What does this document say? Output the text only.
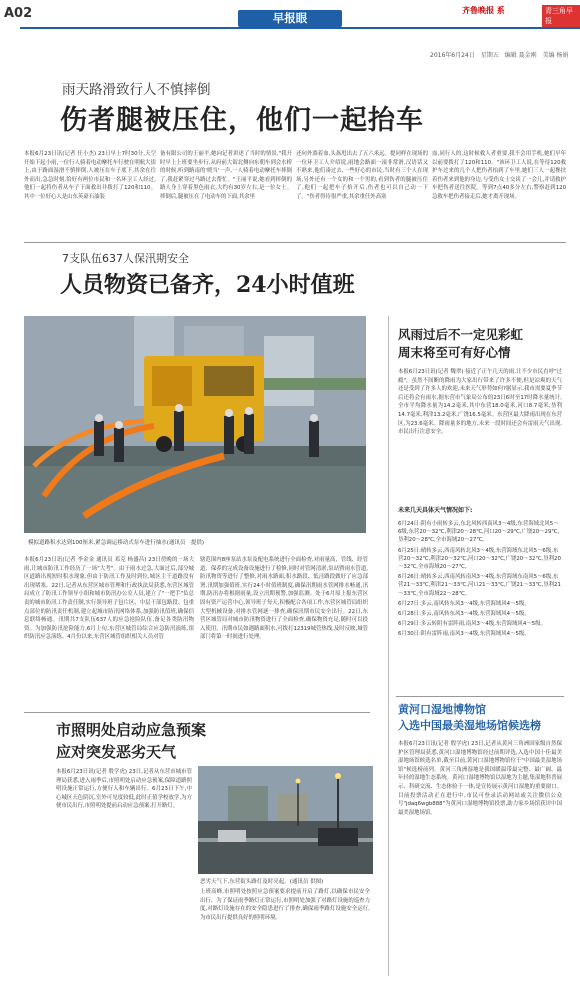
A02	早报眼
齐鲁晚报 系	青三角早报
2016年6月24日　星期五　编辑 聂金刚　美编 杨娟
雨天路滑致行人不慎摔倒
伤者腿被压住，他们一起抬车
本报6月23日讯(记者 任小杰) 23日早上7时30分,天空开始下起小雨,一位行人骑着电动摩托车行驶在明航大街上,由于路面湿滑不慎摔倒,人被压在车子底下,其余在往外而出,急急时刻,恰好有两位市民和一名环卫工人经过,他们一起将伤者从车子下面救出并拨打了120和110。其中一位好心人是山东英豪石油装
备有限公司的王丽平,她向记者讲述了当时的情景,"我开时早上上班要坐步行,从府前大街北侧向东朝车到会水桥的时候,听到路南的'咣当'一声,一人骑着电动摩托车摔倒了,我赶紧穿过马路过去帮忙。"王丽平说,她看到摔倒的路人身上穿着黑色雨衣,大约有30岁左右,是一位女士。摔倒后,腿被压在了电动车的下面,其余里
还向外淌着血,头盔甩出去了五六米远。提同样在现场的一位环卫工人介绍说,雨地会路面一滚非常滑,汉语话又不熟来,他们凑过去,一些好心的市民,当时有三个人在现场,另外还有一个女的和一个男的,看到伤者的腿被压住了,他们一起把车子抬开后,伤者也可以自己动一下了。"伤者得待很严重,其余重任外高塞
血,同行人的,这时候救人者重要,我不会用手机,她们早年以前要拨打了120和110。"该环卫工人说,在等待120救护车过来的几个人把伤者抬到了车里,她们三人一起搀扶着伤者来到他的身边,与受伤女士交谈了一会儿,并请救护车把伤者送往医院。等到7点40多分左右,警察赶到120急救车把伤者接走后,她才离开现场。
7支队伍637人保汛期安全
人员物资已备齐，24小时值班
模拟道路积水达到100厘米,紧急调运移动式泵车进行抽水(通讯员　提供)
本报6月23日讯(记者 李金金 通讯员 邓克 杨盛昌) 23日傍晚的一场大雨,让城市防汛工作经历了一场"大考"。由于雨水过急,大面过后,部分城区道路出现短时积水现象,但由于防汛工作及时到位,城区主干道路没有出现堵塞。22日,记者从东营区城市管理和行政执法局获悉,东营区城管局成立了防汛工作领导小组和城市防汛办公室人员,建立了"一把手"负总责的城市防汛工作责任制,实行领导班子包片区、中层干部包路段、包重点部位的防汛责任机制,建立起城市防汛网络体系,加强防汛值班,确保信息联络畅通。汛期共7支队伍637人的应急抢险队伍,备足各类防汛物资。为加强防汛抢险能力,6月上旬,东营区城管局综合应急防汛演练,组织防汛应急演练。4月份以来,东营区城管组织相关人员对管
辖范围内8座泵站水泵及配电系统进行全面检查,对雨量高、管线、经管道、保养的完成设备设施进行了检修,同时对管网清淤,泵站暨雨水管道,防汛物资等进行了整修,对雨水路面,积水路段、低洼路段做好了应急部署,汛期加强值班,实行24小时值班制度,确保汛期雨水管网排水畅通,汛期,防汛办将根据雨量,设立汛期预警,加强监测。处于6月原上报东营区固有资产运营中心,领导班子每天,积极配合各项工作,东营区城管局组织大型机械设备,对排水管网逐一排查,确保汛期市民安全出行。22日,东营区城管局对城市防汛物资进行了全面检查,确保物资充足,随时可以投入使用。汛期市民如遇路面积水,可拨打12319城管热线,及时反映,城管部门将第一时间进行处理。
市照明处启动应急预案
应对突发恶劣天气
本报6月23日讯(记者 殷学虎) 23日,记者从东营市城市管理局获悉,进入雨季后,市照明处启动应急预案,保障道路照明设施正常运行,方便行人和车辆出行。6月23日下午,中心城区天色阴沉,室外可见度较低,此时正值学校放学,为方便市民出行,市照明处提前启动应急预案,打开路灯。
恶劣天气下,东营街头路灯及时亮起。(通讯员 供图)
上班高峰,市照明处按照应急预案要求提前开启了路灯,以确保市民安全出行。为了保证雨季路灯正常运行,市照明处加强了对路灯设施的巡查力度,对路灯设施存在的安全隐患进行了排查,确保雨季路灯设施安全运行,为市民出行提供良好的照明环境。
风雨过后不一定见彩虹
周末将至可有好心情
本报6月23日讯(记者 魏翠) 接近了正午几天的雨,让不少市民直呼"过瘾"。虽然不间断的降雨为大家出行带来了许多不便,但是凉爽的天气还是受到了许多人的欢迎,未来天气形势如何?据显示,我市需要夏季节后还将会有雨水,据东营市气象局公布的23日6时至17时降水量统计,全市平均降水量为14.2毫米,其中东营18.0毫米,河口8.7毫米,垦利14.7毫米,利津13.2毫米,广饶16.5毫米。东营区最大降雨出现在东营区,为23.6毫米。降雨量多的地方,未来一段时间还会有雷雨天气出现,市民出行注意安全。
未来几天具体天气情况如下:
6月24日:阴有小雨转多云,东北风转西南风3～4级,东营海域北风5～6级,东营20～32℃,利津20～28℃,河口20～29℃,广饶20～29℃,垦利20～28℃,全市海域20～27℃。
6月25日:晴转多云,西南风转北风3～4级,东营海域东北风5～6级,东营20～32℃,利津20～32℃,河口20～32℃,广饶20～32℃,垦利20～32℃,全市海域20～27℃。
6月26日:晴转多云,西南风转南风3～4级,东营海域东南风5～6级,东营21～33℃,利津21～33℃,河口21～33℃,广饶21～33℃,垦利21～33℃,全市海域22～28℃。
6月27日:多云,南风转东风3～4级,东营海域风4～5级。
6月28日:多云,南风转东风3～4级,东营海域风4～5级。
6月29日:多云转阴有雷阵雨,南风3～4级,东营海域风4～5级。
6月30日:阴有雷阵雨,南风3～4级,东营海域风4～5级。
黄河口湿地博物馆
入选中国最美湿地场馆候选榜
本报6月23日讯(记者 殷学虎) 23日,记者从黄河三角洲国家级自然保护区管理局获悉,黄河口湿地博物馆经过前期评选,入选中国十佳最美湿地场馆候选名单,截至目前,黄河口湿地博物馆位于"中国最美湿地场馆"候选榜前列。黄河三角洲湿地是我国暖温带最完整、最广阔、最年轻的湿地生态系统。黄河口湿地博物馆以湿地为主题,集湿地科普展示、科研交流、生态体验于一体,是宣传展示黄河口湿地的重要窗口。目前投票活动正在进行中,市民可登录活动网站或关注微信公众号"jdaq6wgb888"为黄河口湿地博物馆投票,助力家乡场馆获评中国最美湿地场馆。
